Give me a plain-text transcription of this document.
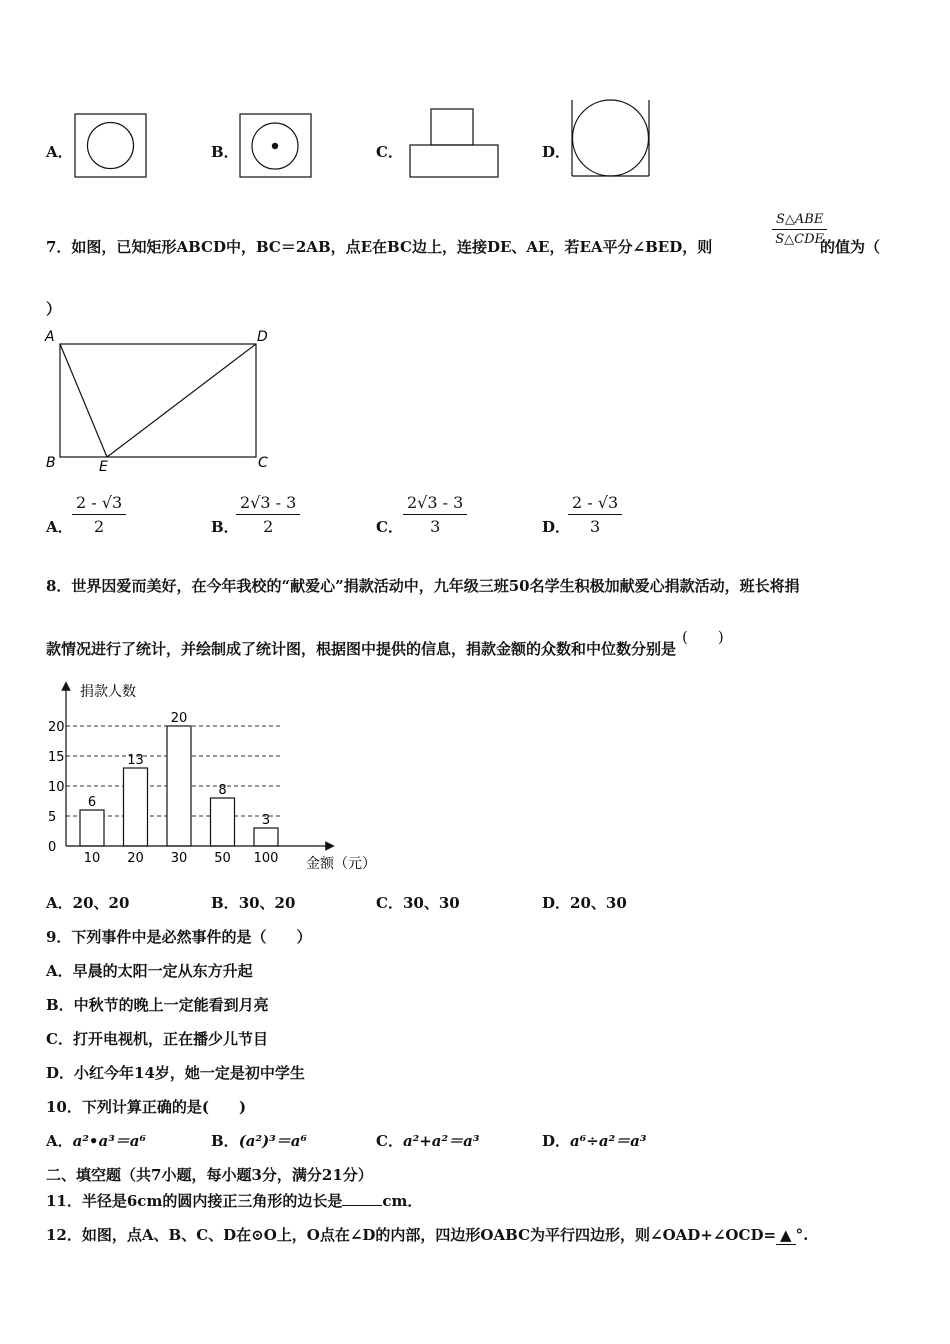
A．	B．	C．	D．
7．如图，已知矩形ABCD中，BC＝2AB，点E在BC边上，连接DE、AE，若EA平分∠BED，则
S△ABE
S△CDE
的值为（
）
A	D
B	E	C
A．
2 - √3
2	B．
2√3 - 3
2	C．
2√3 - 3
3	D．
2 - √3
3
8．世界因爱而美好，在今年我校的“献爱心”捐款活动中，九年级三班50名学生积极加献爱心捐款活动，班长将捐
款情况进行了统计，并绘制成了统计图，根据图中提供的信息，捐款金额的众数和中位数分别是(　　)
6
13
20
8
3
0
5
10
15
20
10 20 30 50 100
捐款人数
金额（元）
A．20、20	B．30、20	C．30、30	D．20、30
9．下列事件中是必然事件的是（　　）
A．早晨的太阳一定从东方升起
B．中秋节的晚上一定能看到月亮
C．打开电视机，正在播少儿节目
D．小红今年14岁，她一定是初中学生
10．下列计算正确的是(　　)
A．a²•a³＝a⁶	B．(a²)³＝a⁶	C．a²+a²＝a³	D．a⁶÷a²＝a³
二、填空题（共7小题，每小题3分，满分21分）
11．半径是6cm的圆内接正三角形的边长是	cm．
12．如图，点A、B、C、D在⊙O上，O点在∠D的内部，四边形OABC为平行四边形，则∠OAD+∠OCD= ▲ °.
